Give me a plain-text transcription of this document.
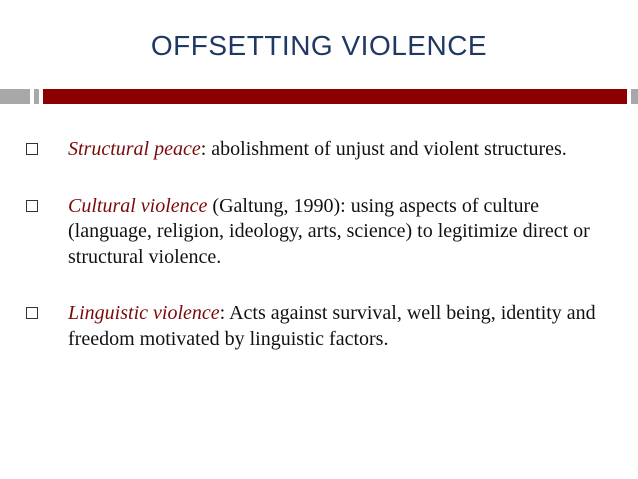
OFFSETTING VIOLENCE
Structural peace: abolishment of unjust and violent structures.
Cultural violence (Galtung, 1990): using aspects of culture (language, religion, ideology, arts, science) to legitimize direct or structural violence.
Linguistic violence: Acts against survival, well being, identity and freedom motivated by linguistic factors.
